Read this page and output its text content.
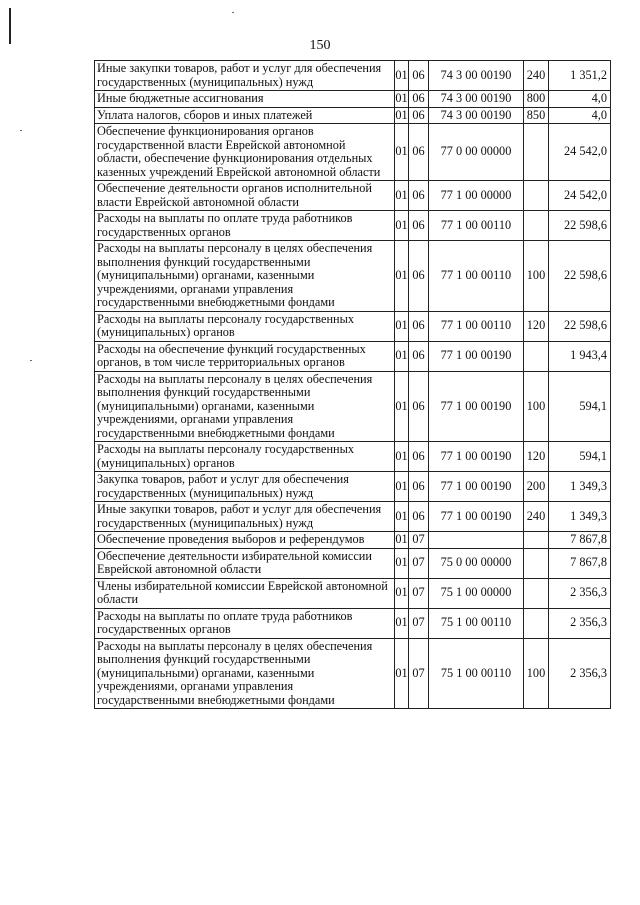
150
Иные закупки товаров, работ и услуг для обеспечения государственных (муниципальных) нужд	01	06	74 3 00 00190	240	1 351,2
Иные бюджетные ассигнования	01	06	74 3 00 00190	800	4,0
Уплата налогов, сборов и иных платежей	01	06	74 3 00 00190	850	4,0
Обеспечение функционирования органов государственной власти Еврейской автономной области, обеспечение функционирования отдельных казенных учреждений Еврейской автономной области	01	06	77 0 00 00000		24 542,0
Обеспечение деятельности органов исполнительной власти Еврейской автономной области	01	06	77 1 00 00000		24 542,0
Расходы на выплаты по оплате труда работников государственных органов	01	06	77 1 00 00110		22 598,6
Расходы на выплаты персоналу в целях обеспечения выполнения функций государственными (муниципальными) органами, казенными учреждениями, органами управления государственными внебюджетными фондами	01	06	77 1 00 00110	100	22 598,6
Расходы на выплаты персоналу государственных (муниципальных) органов	01	06	77 1 00 00110	120	22 598,6
Расходы на обеспечение функций государственных органов, в том числе территориальных органов	01	06	77 1 00 00190		1 943,4
Расходы на выплаты персоналу в целях обеспечения выполнения функций государственными (муниципальными) органами, казенными учреждениями, органами управления государственными внебюджетными фондами	01	06	77 1 00 00190	100	594,1
Расходы на выплаты персоналу государственных (муниципальных) органов	01	06	77 1 00 00190	120	594,1
Закупка товаров, работ и услуг для обеспечения государственных (муниципальных) нужд	01	06	77 1 00 00190	200	1 349,3
Иные закупки товаров, работ и услуг для обеспечения государственных (муниципальных) нужд	01	06	77 1 00 00190	240	1 349,3
Обеспечение проведения выборов и референдумов	01	07			7 867,8
Обеспечение деятельности избирательной комиссии Еврейской автономной области	01	07	75 0 00 00000		7 867,8
Члены избирательной комиссии Еврейской автономной области	01	07	75 1 00 00000		2 356,3
Расходы на выплаты по оплате труда работников государственных органов	01	07	75 1 00 00110		2 356,3
Расходы на выплаты персоналу в целях обеспечения выполнения функций государственными (муниципальными) органами, казенными учреждениями, органами управления государственными внебюджетными фондами	01	07	75 1 00 00110	100	2 356,3
